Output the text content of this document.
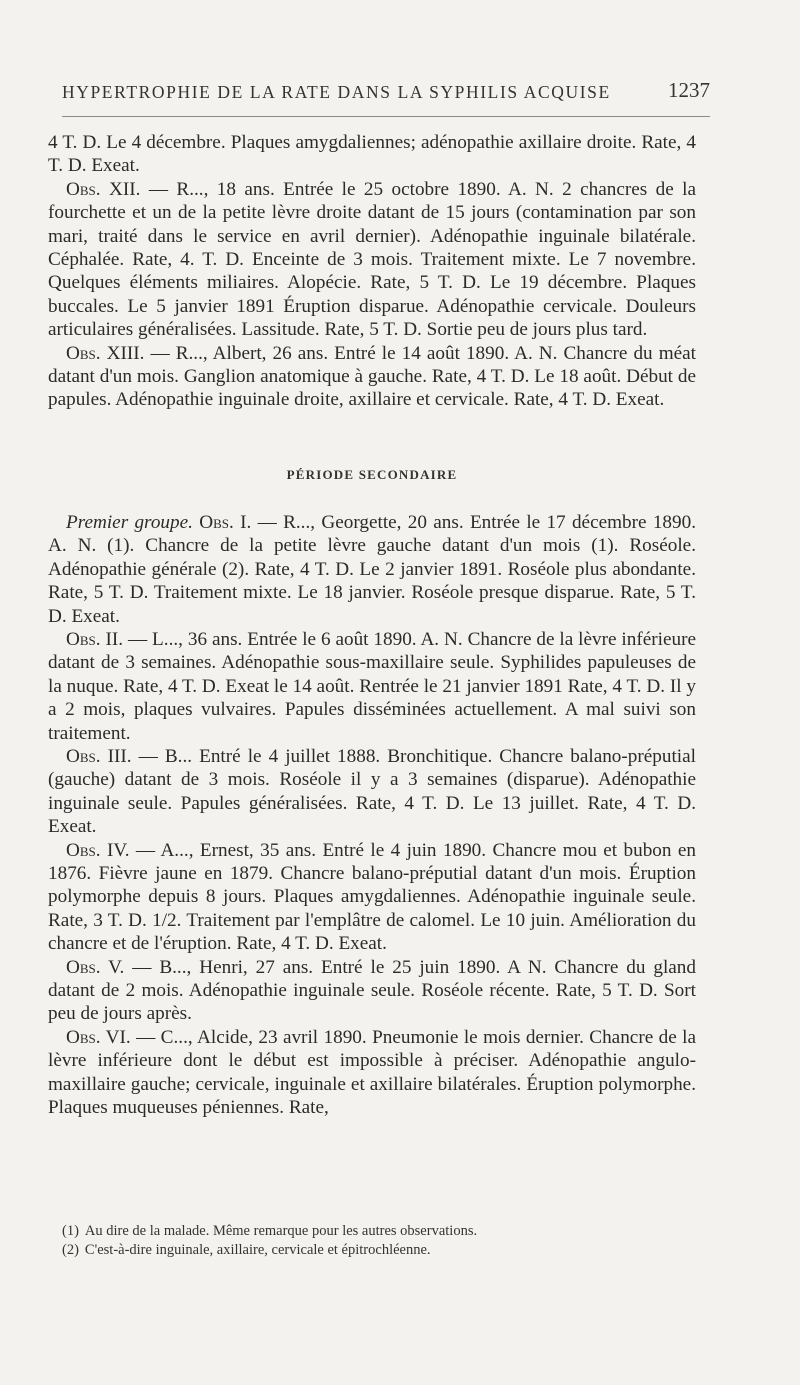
HYPERTROPHIE DE LA RATE DANS LA SYPHILIS ACQUISE	1237

4 T. D. Le 4 décembre. Plaques amygdaliennes; adénopathie axillaire droite. Rate, 4 T. D. Exeat.

Obs. XII. — R..., 18 ans. Entrée le 25 octobre 1890. A. N. 2 chancres de la fourchette et un de la petite lèvre droite datant de 15 jours (contamination par son mari, traité dans le service en avril dernier). Adénopathie inguinale bilatérale. Céphalée. Rate, 4. T. D. Enceinte de 3 mois. Traitement mixte. Le 7 novembre. Quelques éléments miliaires. Alopécie. Rate, 5 T. D. Le 19 décembre. Plaques buccales. Le 5 janvier 1891 Éruption disparue. Adénopathie cervicale. Douleurs articulaires généralisées. Lassitude. Rate, 5 T. D. Sortie peu de jours plus tard.

Obs. XIII. — R..., Albert, 26 ans. Entré le 14 août 1890. A. N. Chancre du méat datant d'un mois. Ganglion anatomique à gauche. Rate, 4 T. D. Le 18 août. Début de papules. Adénopathie inguinale droite, axillaire et cervicale. Rate, 4 T. D. Exeat.

PÉRIODE SECONDAIRE

Premier groupe. Obs. I. — R..., Georgette, 20 ans. Entrée le 17 décembre 1890. A. N. (1). Chancre de la petite lèvre gauche datant d'un mois (1). Roséole. Adénopathie générale (2). Rate, 4 T. D. Le 2 janvier 1891. Roséole plus abondante. Rate, 5 T. D. Traitement mixte. Le 18 janvier. Roséole presque disparue. Rate, 5 T. D. Exeat.

Obs. II. — L..., 36 ans. Entrée le 6 août 1890. A. N. Chancre de la lèvre inférieure datant de 3 semaines. Adénopathie sous-maxillaire seule. Syphilides papuleuses de la nuque. Rate, 4 T. D. Exeat le 14 août. Rentrée le 21 janvier 1891 Rate, 4 T. D. Il y a 2 mois, plaques vulvaires. Papules disséminées actuellement. A mal suivi son traitement.

Obs. III. — B... Entré le 4 juillet 1888. Bronchitique. Chancre balano-préputial (gauche) datant de 3 mois. Roséole il y a 3 semaines (disparue). Adénopathie inguinale seule. Papules généralisées. Rate, 4 T. D. Le 13 juillet. Rate, 4 T. D. Exeat.

Obs. IV. — A..., Ernest, 35 ans. Entré le 4 juin 1890. Chancre mou et bubon en 1876. Fièvre jaune en 1879. Chancre balano-préputial datant d'un mois. Éruption polymorphe depuis 8 jours. Plaques amygdaliennes. Adénopathie inguinale seule. Rate, 3 T. D. 1/2. Traitement par l'emplâtre de calomel. Le 10 juin. Amélioration du chancre et de l'éruption. Rate, 4 T. D. Exeat.

Obs. V. — B..., Henri, 27 ans. Entré le 25 juin 1890. A N. Chancre du gland datant de 2 mois. Adénopathie inguinale seule. Roséole récente. Rate, 5 T. D. Sort peu de jours après.

Obs. VI. — C..., Alcide, 23 avril 1890. Pneumonie le mois dernier. Chancre de la lèvre inférieure dont le début est impossible à préciser. Adénopathie angulo-maxillaire gauche; cervicale, inguinale et axillaire bilatérales. Éruption polymorphe. Plaques muqueuses péniennes. Rate,

(1) Au dire de la malade. Même remarque pour les autres observations.
(2) C'est-à-dire inguinale, axillaire, cervicale et épitrochléenne.
